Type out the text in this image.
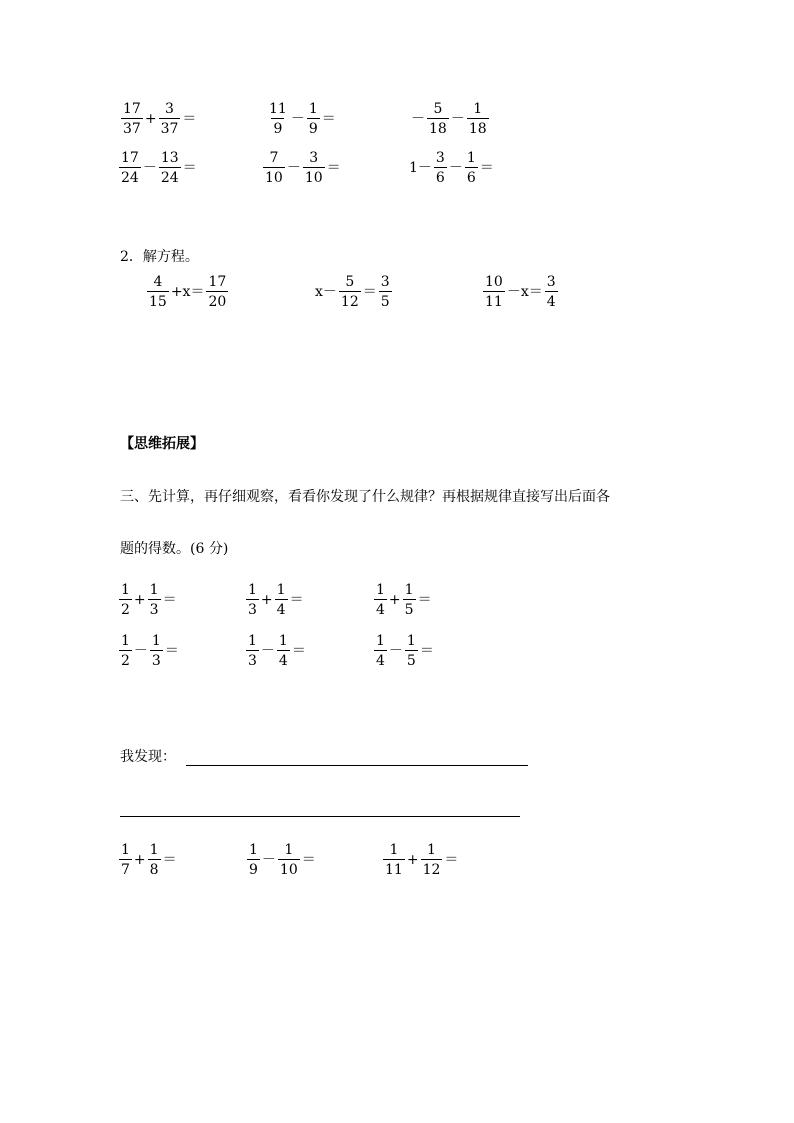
$\frac{17}{37} + \frac{3}{37}$ ＝	$\frac{11}{9} - \frac{1}{9}$ ＝	－ $\frac{5}{18} - \frac{1}{18}$
$\frac{17}{24} - \frac{13}{24}$ ＝	$\frac{7}{10} - \frac{3}{10}$ ＝	$1- \frac{3}{6} - \frac{1}{6}$ ＝
2．解方程。
$\frac{4}{15} +x= \frac{17}{20}$	$x- \frac{5}{12} = \frac{3}{5}$	$\frac{10}{11} -x= \frac{3}{4}$
【思维拓展】
三、先计算，再仔细观察，看看你发现了什么规律？再根据规律直接写出后面各
题的得数。(6 分)
$\frac{1}{2} + \frac{1}{3}$ ＝	$\frac{1}{3} + \frac{1}{4}$ ＝	$\frac{1}{4} + \frac{1}{5}$ ＝
$\frac{1}{2} - \frac{1}{3}$ ＝	$\frac{1}{3} - \frac{1}{4}$ ＝	$\frac{1}{4} - \frac{1}{5}$ ＝
我发现：
$\frac{1}{7} + \frac{1}{8}$ ＝	$\frac{1}{9} - \frac{1}{10}$ ＝	$\frac{1}{11} + \frac{1}{12}$ ＝
